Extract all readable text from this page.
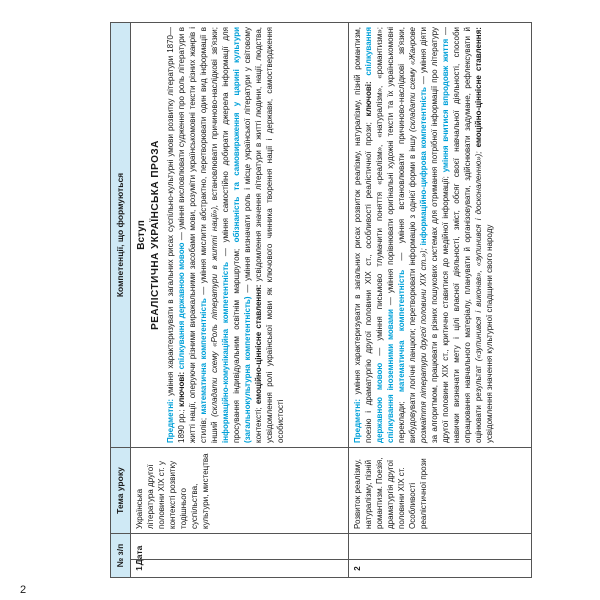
2
№ з/п Дата
Тема уроку
Компетенції, що формуються
1
Українська література другої половини XIX ст. у контексті розвитку тодішнього суспільства, культури, мистецтва
Вступ РЕАЛІСТИЧНА УКРАЇНСЬКА ПРОЗА

Предметні: уміння характеризувати в загальних рисах суспільно-культурні умови розвитку літератури 1870—1890 pp.; ключові: спілкування державною мовою — уміння висловлювати судження про роль літератури в житті нації, оперуючи різними виражальними засобами мови, розуміти українськомовні тексти різних жанрів і стилів; математична компетентність — уміння мислити абстрактно, перетворювати один вид інформації в інший (складати схему «Роль літератури в житті нації»), встановлювати причиново-наслідкові зв'язки; інформаційно-комунікаційна компетентність — уміння самостійно добирати джерела інформації для просування індивідуальним освітнім маршрутом; обізнаність та самовираження у царині культури (загальнокультурна компетентність) — уміння визначати роль і місце української літератури у світовому контексті; емоційно-ціннісне ставлення: усвідомлення значення літератури в житті людини, нації, людства, усвідомлення ролі української мови як ключового чинника творення нації і держави, самоствердження особистості

2
Розвиток реалізму, натуралізму, пізній романтизм. Поезія, драматургія другої половини XIX ст. Особливості реалістичної прози

Предметні: уміння характеризувати в загальних рисах розвиток реалізму, натуралізму, пізній романтизм, поезію і драматургію другої половини XIX ст., особливості реалістичної прози; ключові: спілкування державною мовою — уміння письмово тлумачити поняття «реалізм», «натуралізм», «романтизм»; спілкування іноземними мовами — уміння порівнювати оригінальні художні тексти та їх українськомовні переклади; математична компетентність — уміння встановлювати причиново-наслідкові зв'язки, вибудовувати логічні ланцюги; перетворювати інформацію з однієї форми в іншу (складати схему «Жанрове розмаїття літератури другої половини XIX ст.»); інформаційно-цифрова компетентність — уміння діяти за алгоритмом, працювати в різних пошукових системах для отримання потрібної інформації про літературу другої половини XIX ст., критично ставитися до медійної інформації; уміння вчитися впродовж життя — навички визначати мету і цілі власної діяльності, зміст, обсяг своєї навчальної діяльності, способи опрацювання навчального матеріалу, планувати й організовувати, здійснювати задумане, рефлексувати й оцінювати результат («зупинився і виконав», «зупинився і досконаленню»); емоційно-ціннісне ставлення: усвідомлення значення культурної спадщини свого народу
